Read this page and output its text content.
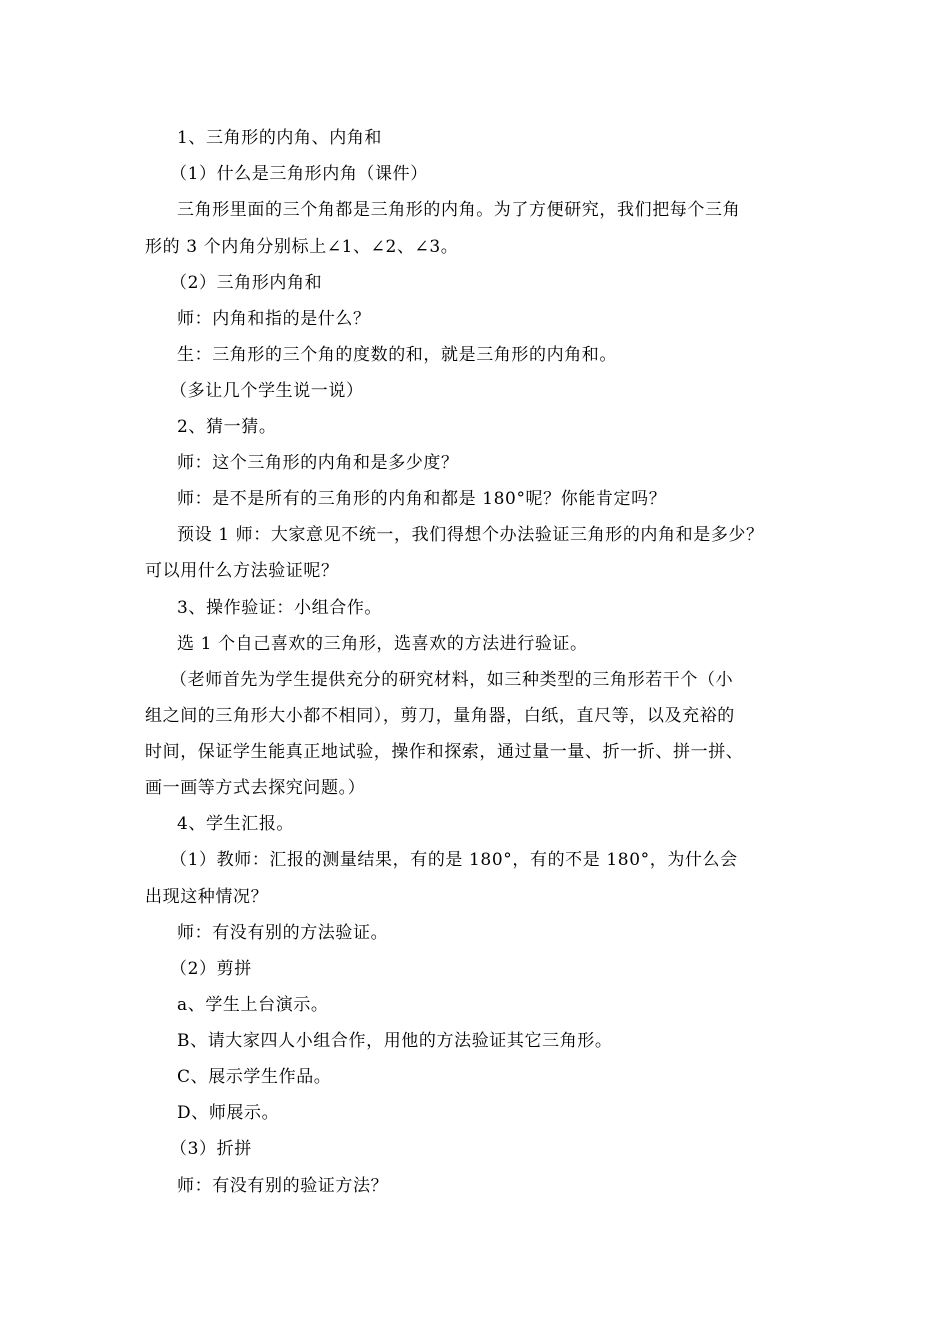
1、三角形的内角、内角和
（1）什么是三角形内角（课件）
三角形里面的三个角都是三角形的内角。为了方便研究，我们把每个三角
形的 3 个内角分别标上∠1、∠2、∠3。
（2）三角形内角和
师：内角和指的是什么？
生：三角形的三个角的度数的和，就是三角形的内角和。
（多让几个学生说一说）
2、猜一猜。
师：这个三角形的内角和是多少度？
师：是不是所有的三角形的内角和都是 180°呢？你能肯定吗？
预设 1 师：大家意见不统一，我们得想个办法验证三角形的内角和是多少？
可以用什么方法验证呢？
3、操作验证：小组合作。
选 1 个自己喜欢的三角形，选喜欢的方法进行验证。
（老师首先为学生提供充分的研究材料，如三种类型的三角形若干个（小
组之间的三角形大小都不相同），剪刀，量角器，白纸，直尺等，以及充裕的
时间，保证学生能真正地试验，操作和探索，通过量一量、折一折、拼一拼、
画一画等方式去探究问题。）
4、学生汇报。
（1）教师：汇报的测量结果，有的是 180°，有的不是 180°，为什么会
出现这种情况？
师：有没有别的方法验证。
（2）剪拼
a、学生上台演示。
B、请大家四人小组合作，用他的方法验证其它三角形。
C、展示学生作品。
D、师展示。
（3）折拼
师：有没有别的验证方法？
